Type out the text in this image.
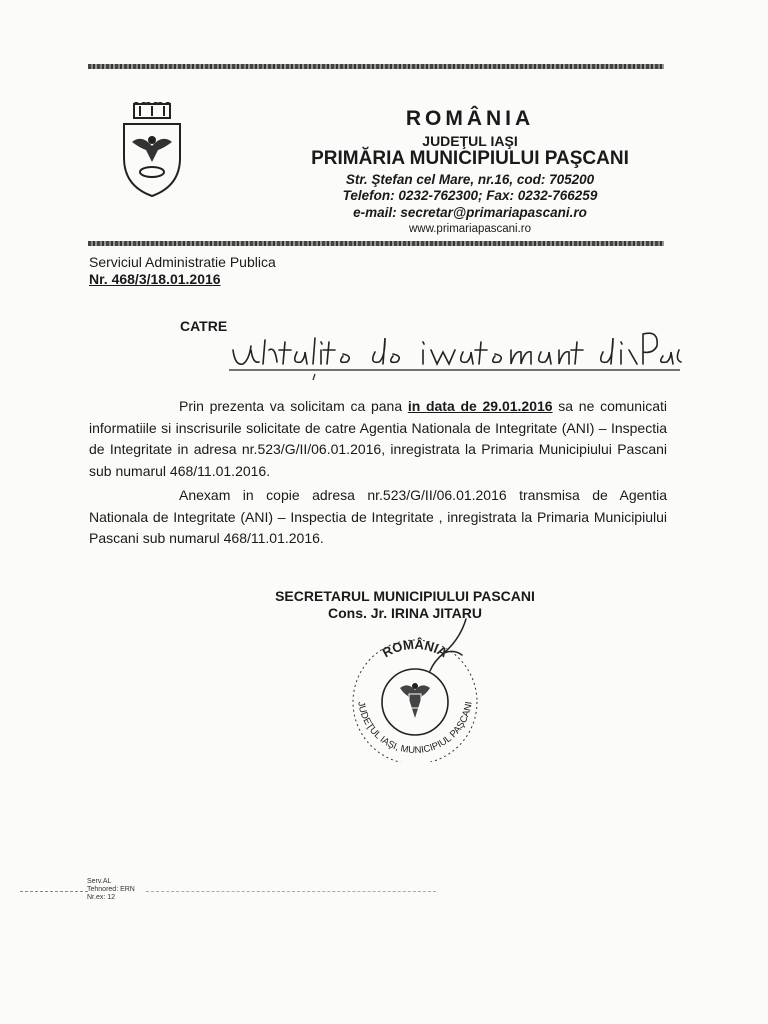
ROMÂNIA
JUDEŢUL IAŞI
PRIMĂRIA MUNICIPIULUI PAŞCANI
Str. Ştefan cel Mare, nr.16, cod: 705200
Telefon: 0232-762300; Fax: 0232-766259
e-mail: secretar@primariapascani.ro
www.primariapascani.ro
Serviciul Administratie Publica
Nr. 468/3/18.01.2016
CATRE

Prin prezenta va solicitam ca pana in data de 29.01.2016 sa ne comunicati informatiile si inscrisurile solicitate de catre Agentia Nationala de Integritate (ANI) – Inspectia de Integritate in adresa nr.523/G/II/06.01.2016, inregistrata la Primaria Municipiului Pascani sub numarul 468/11.01.2016.

Anexam in copie adresa nr.523/G/II/06.01.2016 transmisa de Agentia Nationala de Integritate (ANI) – Inspectia de Integritate , inregistrata la Primaria Municipiului Pascani sub numarul 468/11.01.2016.

SECRETARUL MUNICIPIULUI PASCANI
Cons. Jr. IRINA JITARU
ROMÂNIA
JUDEŢUL IAŞI, MUNICIPIUL PAŞCANI
Serv.AL
Tehnored: ERN
Nr.ex: 12
